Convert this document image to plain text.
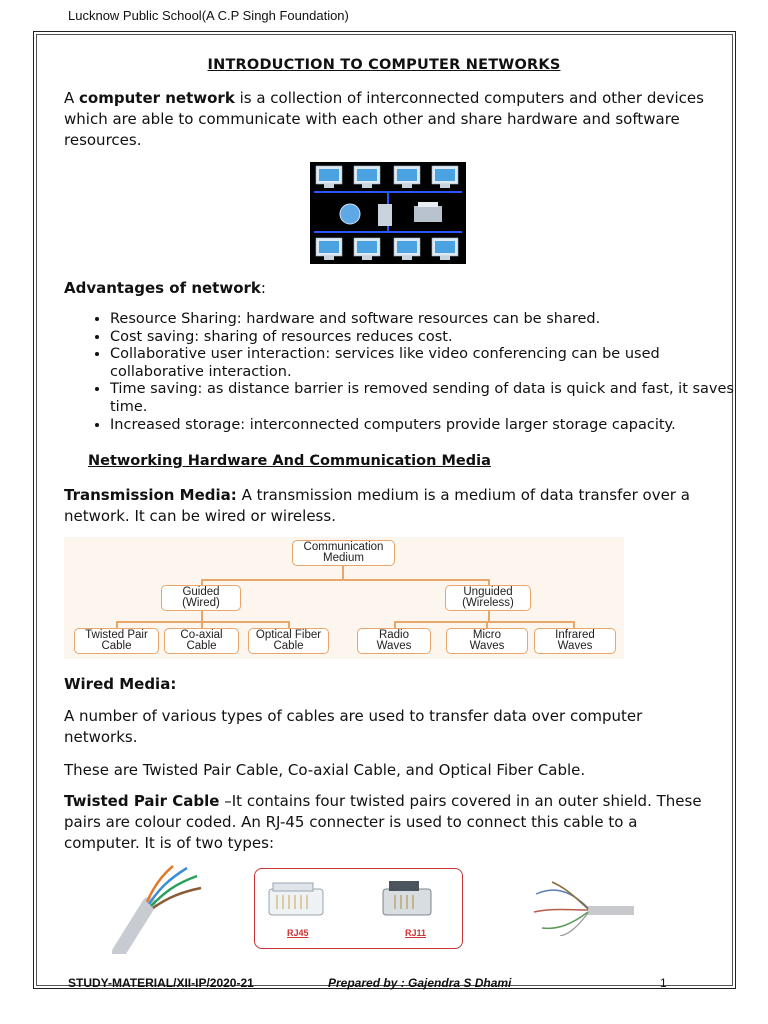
Lucknow Public School(A C.P Singh Foundation)
INTRODUCTION TO COMPUTER NETWORKS
A computer network is a collection of interconnected computers and other devices which are able to communicate with each other and share hardware and software resources.
Advantages of network:
• Resource Sharing: hardware and software resources can be shared.
• Cost saving: sharing of resources reduces cost.
• Collaborative user interaction: services like video conferencing can be used collaborative interaction.
• Time saving: as distance barrier is removed sending of data is quick and fast, it saves time.
• Increased storage: interconnected computers provide larger storage capacity.
Networking Hardware And Communication Media
Transmission Media: A transmission medium is a medium of data transfer over a network. It can be wired or wireless.
Communication
Medium
Guided
(Wired)
Unguided
(Wireless)
Twisted Pair
Cable
Co-axial
Cable
Optical Fiber
Cable
Radio
Waves
Micro
Waves
Infrared
Waves
Wired Media:
A number of various types of cables are used to transfer data over computer networks.
These are Twisted Pair Cable, Co-axial Cable, and Optical Fiber Cable.
Twisted Pair Cable –It contains four twisted pairs covered in an outer shield. These pairs are colour coded. An RJ-45 connecter is used to connect this cable to a computer. It is of two types:
RJ45	RJ11
STUDY-MATERIAL/XII-IP/2020-21	Prepared by : Gajendra S Dhami	1
